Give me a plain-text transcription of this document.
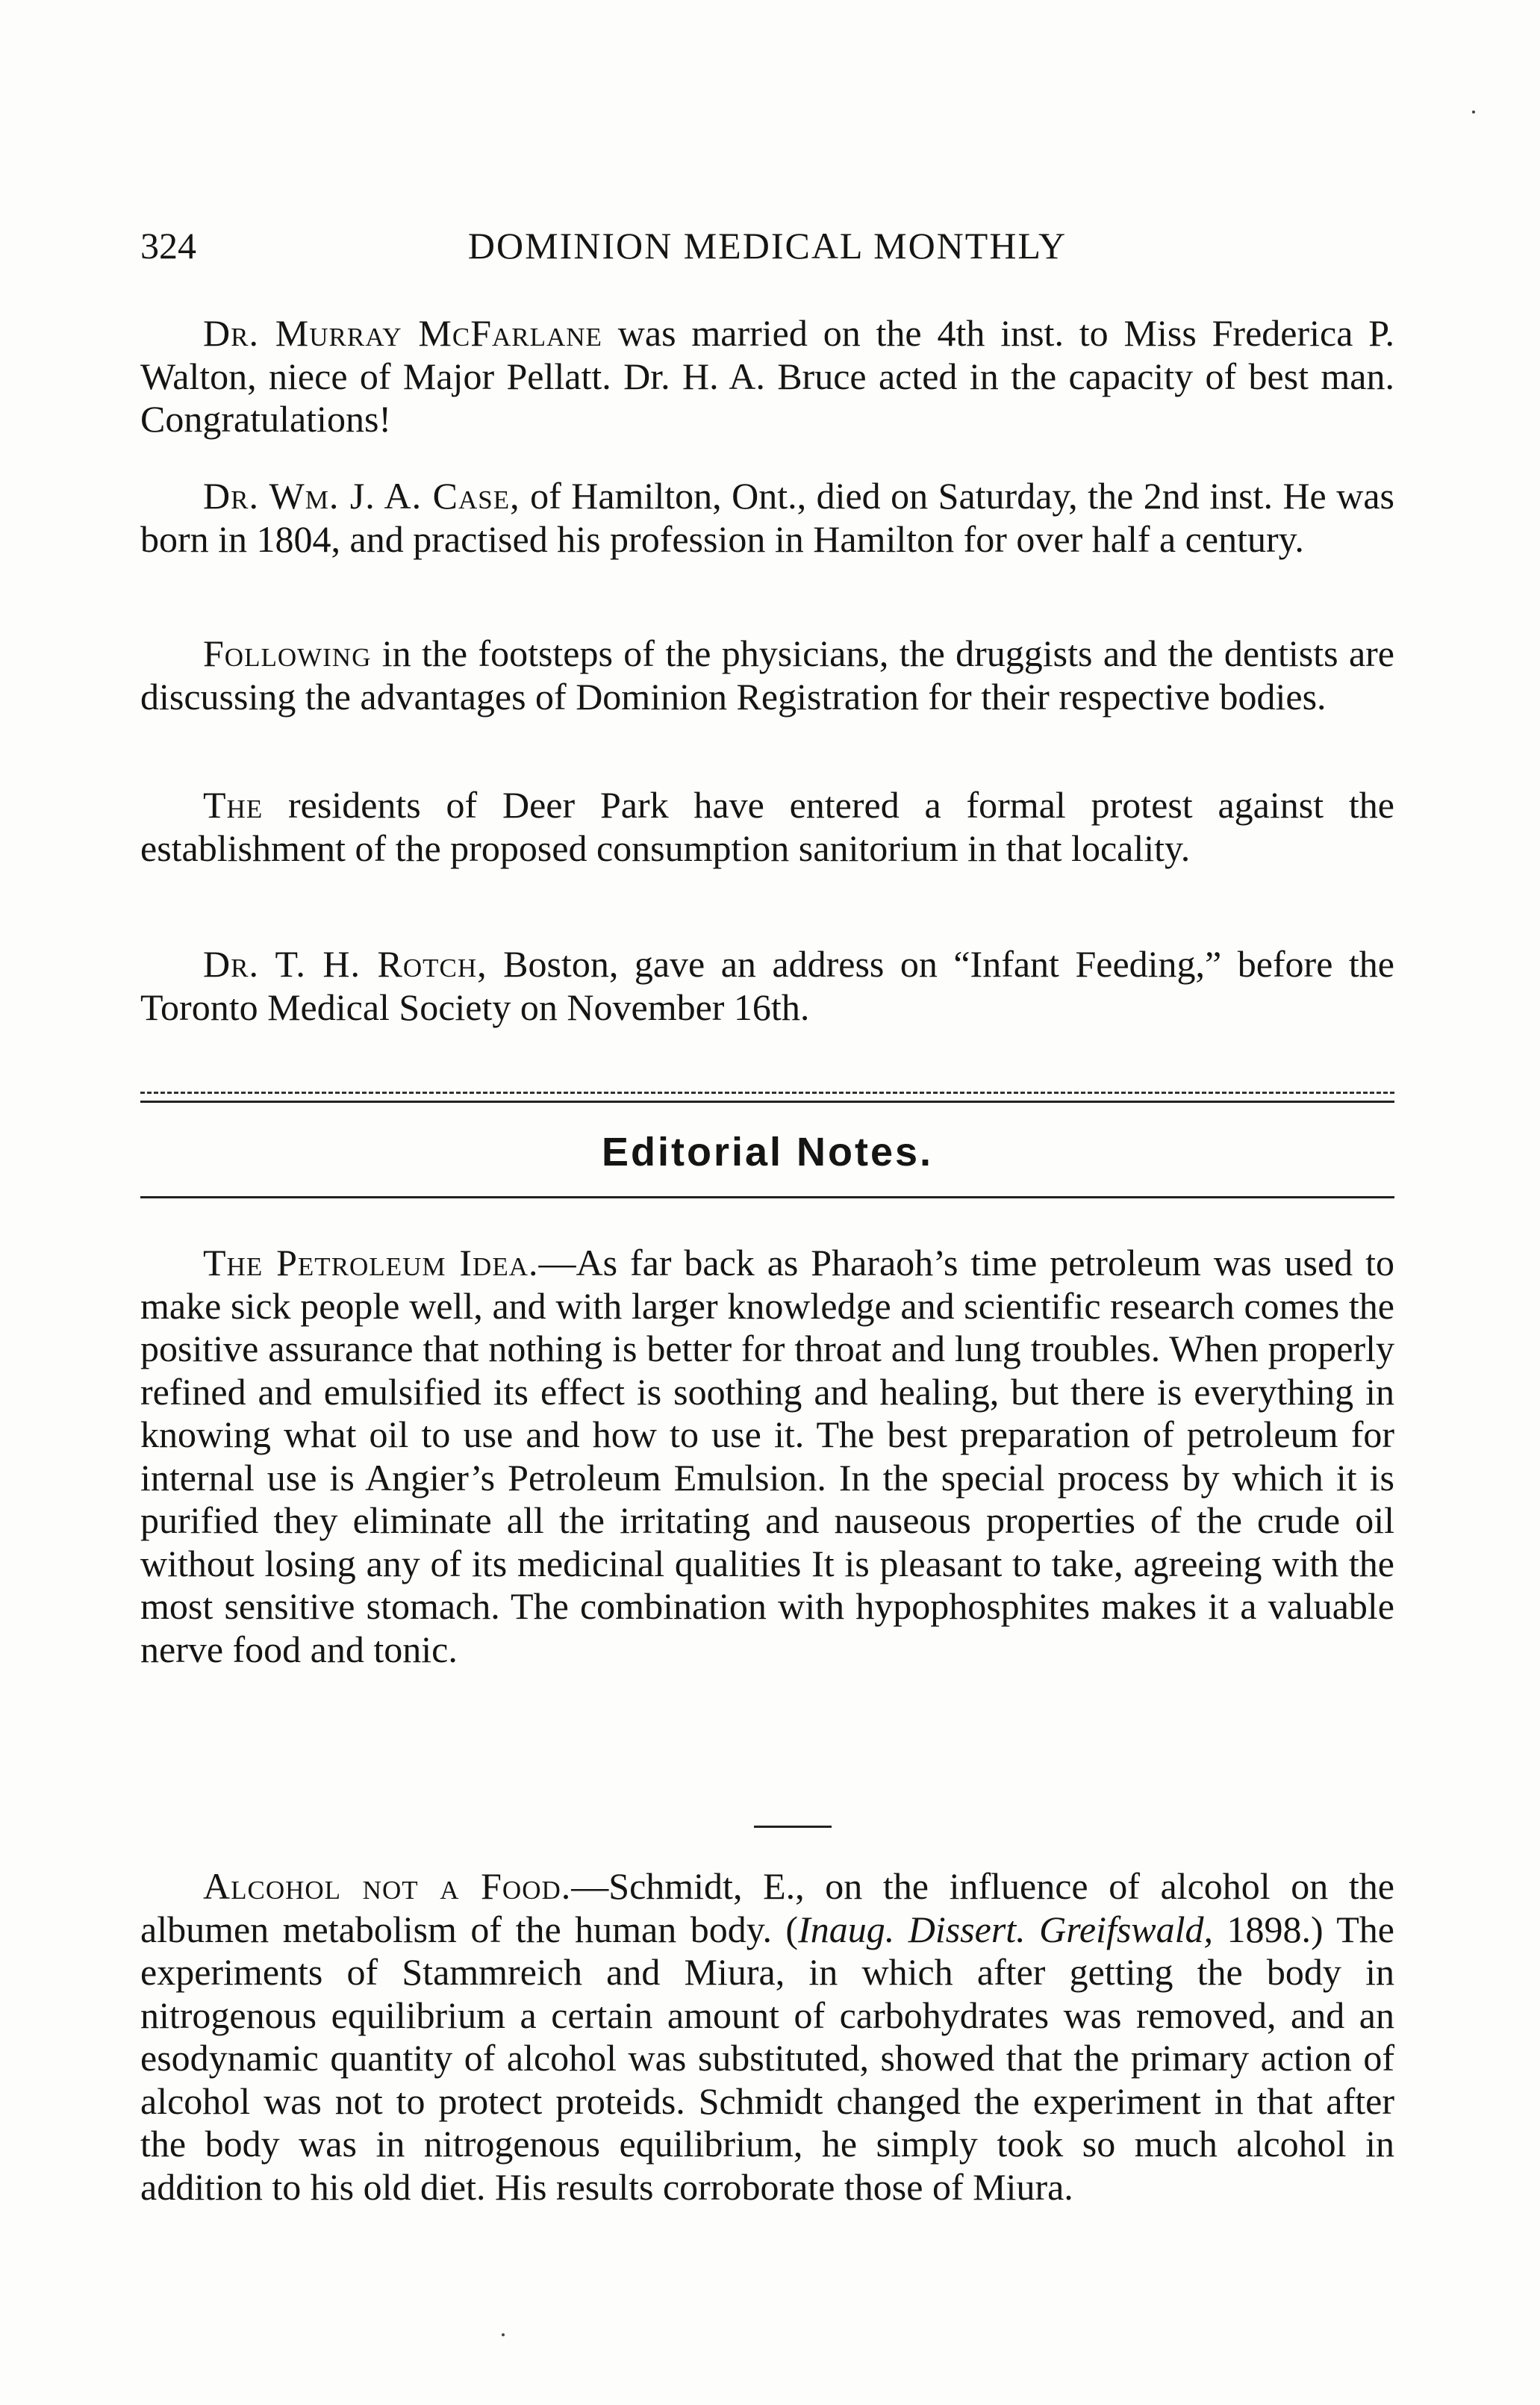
324	DOMINION MEDICAL MONTHLY

Dr. Murray McFarlane was married on the 4th inst. to Miss Frederica P. Walton, niece of Major Pellatt. Dr. H. A. Bruce acted in the capacity of best man. Congratulations!

Dr. Wm. J. A. Case, of Hamilton, Ont., died on Saturday, the 2nd inst. He was born in 1804, and practised his profession in Hamilton for over half a century.

Following in the footsteps of the physicians, the druggists and the dentists are discussing the advantages of Dominion Registration for their respective bodies.

The residents of Deer Park have entered a formal protest against the establishment of the proposed consumption sanitorium in that locality.

Dr. T. H. Rotch, Boston, gave an address on “Infant Feeding,” before the Toronto Medical Society on November 16th.

Editorial Notes.

The Petroleum Idea.—As far back as Pharaoh’s time petroleum was used to make sick people well, and with larger knowledge and scientific research comes the positive assurance that nothing is better for throat and lung troubles. When properly refined and emulsified its effect is soothing and healing, but there is everything in knowing what oil to use and how to use it. The best preparation of petroleum for internal use is Angier’s Petroleum Emulsion. In the special process by which it is purified they eliminate all the irritating and nauseous properties of the crude oil without losing any of its medicinal qualities It is pleasant to take, agreeing with the most sensitive stomach. The combination with hypophosphites makes it a valuable nerve food and tonic.

Alcohol not a Food.—Schmidt, E., on the influence of alcohol on the albumen metabolism of the human body. (Inaug. Dissert. Greifswald, 1898.) The experiments of Stammreich and Miura, in which after getting the body in nitrogenous equilibrium a certain amount of carbohydrates was removed, and an esodynamic quantity of alcohol was substituted, showed that the primary action of alcohol was not to protect proteids. Schmidt changed the experiment in that after the body was in nitrogenous equilibrium, he simply took so much alcohol in addition to his old diet. His results corroborate those of Miura.
